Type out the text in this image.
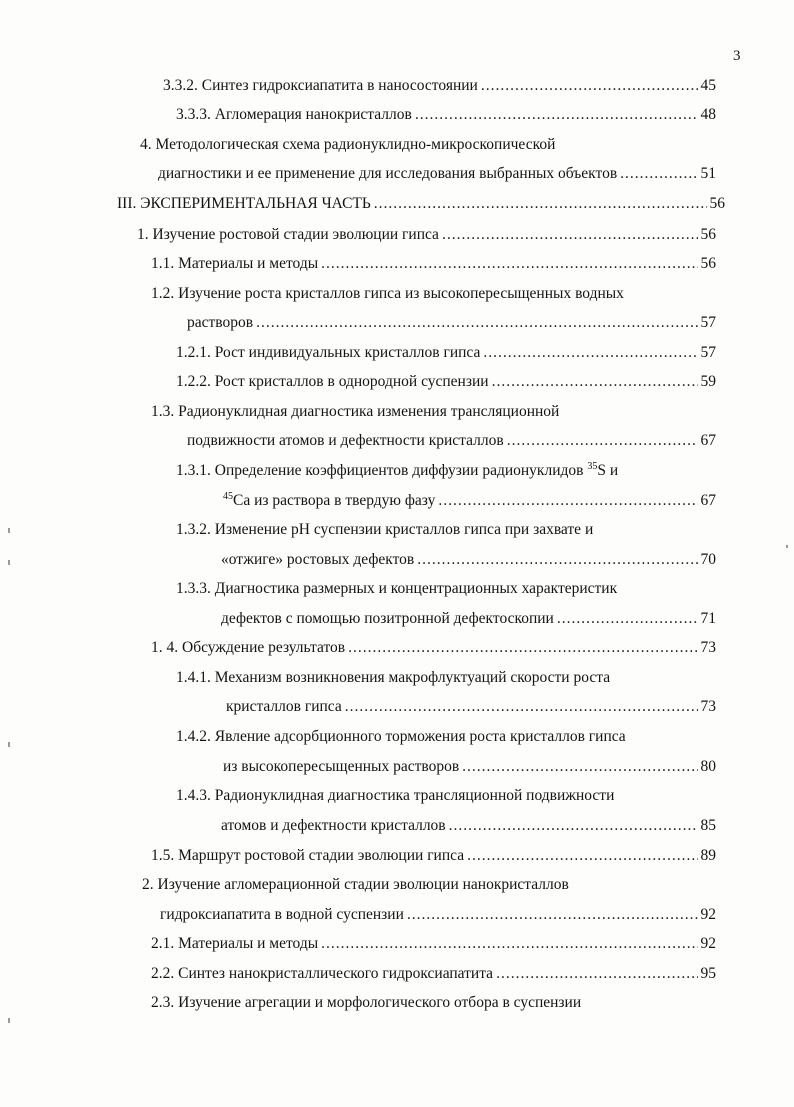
3
3.3.2. Синтез гидроксиапатита в наносостоянии .....	45
3.3.3. Агломерация нанокристаллов .....	48
4. Методологическая схема радионуклидно-микроскопической
диагностики и ее применение для исследования выбранных объектов .....	51
III. ЭКСПЕРИМЕНТАЛЬНАЯ ЧАСТЬ .....	56
1. Изучение ростовой стадии эволюции гипса .....	56
1.1. Материалы и методы .....	56
1.2. Изучение роста кристаллов гипса из высокопересыщенных водных
растворов .....	57
1.2.1. Рост индивидуальных кристаллов гипса .....	57
1.2.2. Рост кристаллов в однородной суспензии .....	59
1.3. Радионуклидная диагностика изменения трансляционной
подвижности атомов и дефектности кристаллов .....	67
1.3.1. Определение коэффициентов диффузии радионуклидов $^{35}$S и
$^{45}$Са из раствора в твердую фазу .....	67
1.3.2. Изменение pH суспензии кристаллов гипса при захвате и
«отжиге» ростовых дефектов .....	70
1.3.3. Диагностика размерных и концентрационных характеристик
дефектов с помощью позитронной дефектоскопии .....	71
1. 4. Обсуждение результатов .....	73
1.4.1. Механизм возникновения макрофлуктуаций скорости роста
кристаллов гипса .....	73
1.4.2. Явление адсорбционного торможения роста кристаллов гипса
из высокопересыщенных растворов .....	80
1.4.3. Радионуклидная диагностика трансляционной подвижности
атомов и дефектности кристаллов .....	85
1.5. Маршрут ростовой стадии эволюции гипса .....	89
2. Изучение агломерационной стадии эволюции нанокристаллов
гидроксиапатита в водной суспензии .....	92
2.1. Материалы и методы .....	92
2.2. Синтез нанокристаллического гидроксиапатита .....	95
2.3. Изучение агрегации и морфологического отбора в суспензии
